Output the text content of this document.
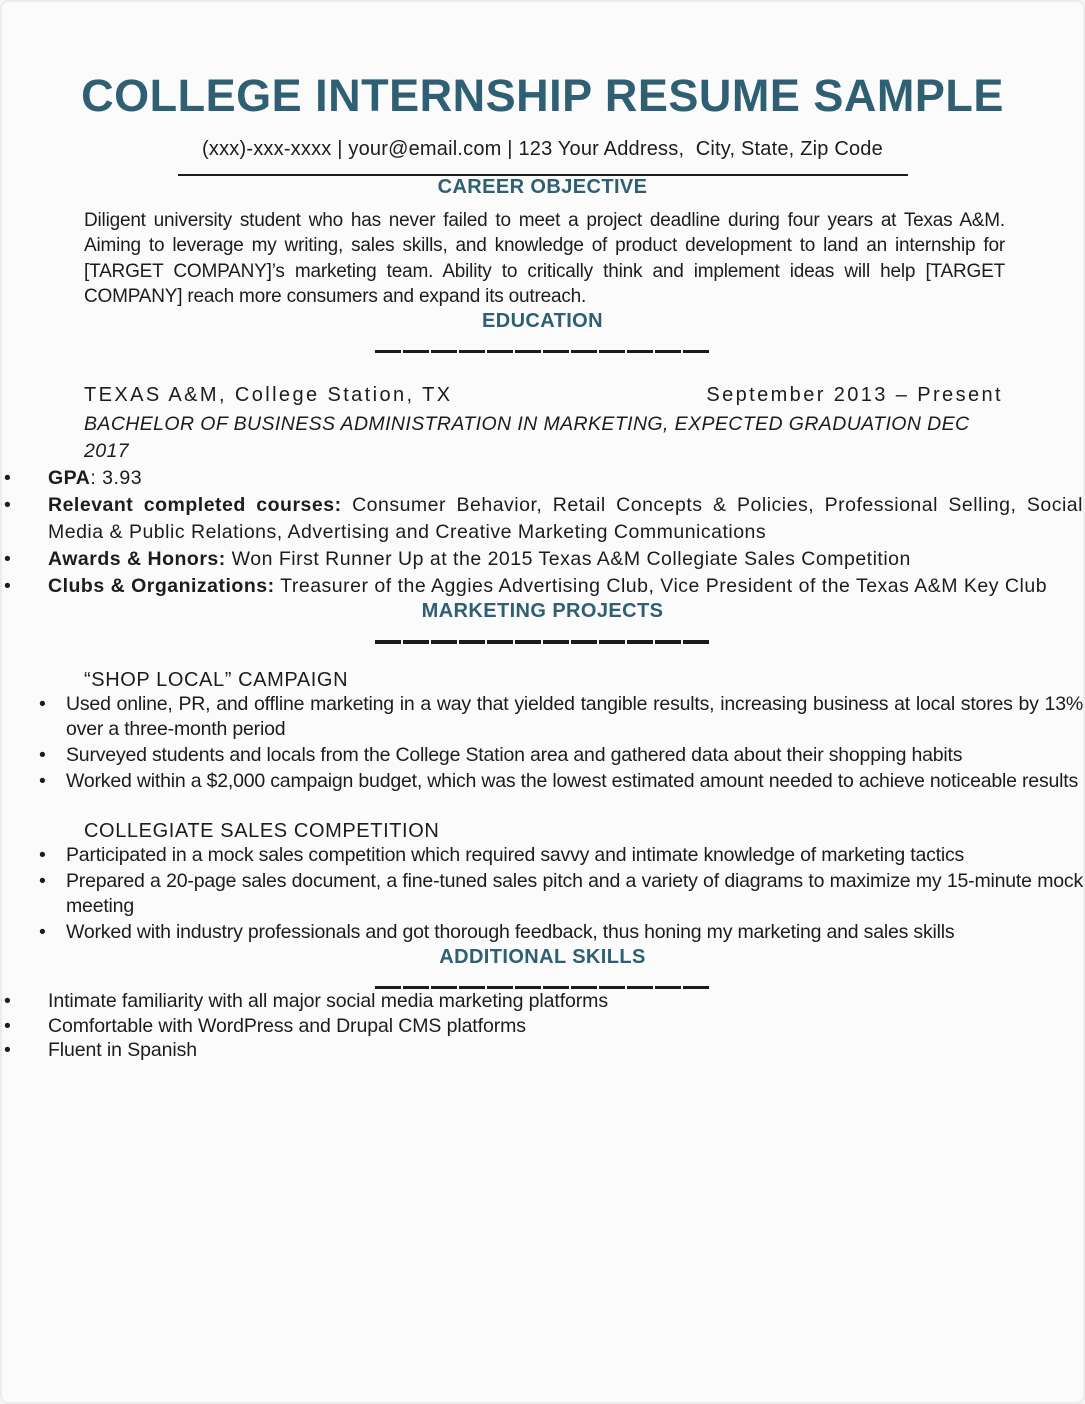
COLLEGE INTERNSHIP RESUME SAMPLE
(xxx)-xxx-xxxx | your@email.com | 123 Your Address,  City, State, Zip Code
CAREER OBJECTIVE

Diligent university student who has never failed to meet a project deadline during four years at Texas A&M. Aiming to leverage my writing, sales skills, and knowledge of product development to land an internship for [TARGET COMPANY]’s marketing team. Ability to critically think and implement ideas will help [TARGET COMPANY] reach more consumers and expand its outreach.

EDUCATION
TEXAS A&M, College Station, TX	September 2013 – Present
BACHELOR OF BUSINESS ADMINISTRATION IN MARKETING, EXPECTED GRADUATION DEC 2017
• GPA: 3.93
• Relevant completed courses: Consumer Behavior, Retail Concepts & Policies, Professional Selling, Social Media & Public Relations, Advertising and Creative Marketing Communications
• Awards & Honors: Won First Runner Up at the 2015 Texas A&M Collegiate Sales Competition
• Clubs & Organizations: Treasurer of the Aggies Advertising Club, Vice President of the Texas A&M Key Club
MARKETING PROJECTS
“SHOP LOCAL” CAMPAIGN
• Used online, PR, and offline marketing in a way that yielded tangible results, increasing business at local stores by 13% over a three-month period
• Surveyed students and locals from the College Station area and gathered data about their shopping habits
• Worked within a $2,000 campaign budget, which was the lowest estimated amount needed to achieve noticeable results
COLLEGIATE SALES COMPETITION
• Participated in a mock sales competition which required savvy and intimate knowledge of marketing tactics
• Prepared a 20-page sales document, a fine-tuned sales pitch and a variety of diagrams to maximize my 15-minute mock meeting
• Worked with industry professionals and got thorough feedback, thus honing my marketing and sales skills
ADDITIONAL SKILLS
• Intimate familiarity with all major social media marketing platforms
• Comfortable with WordPress and Drupal CMS platforms
• Fluent in Spanish
